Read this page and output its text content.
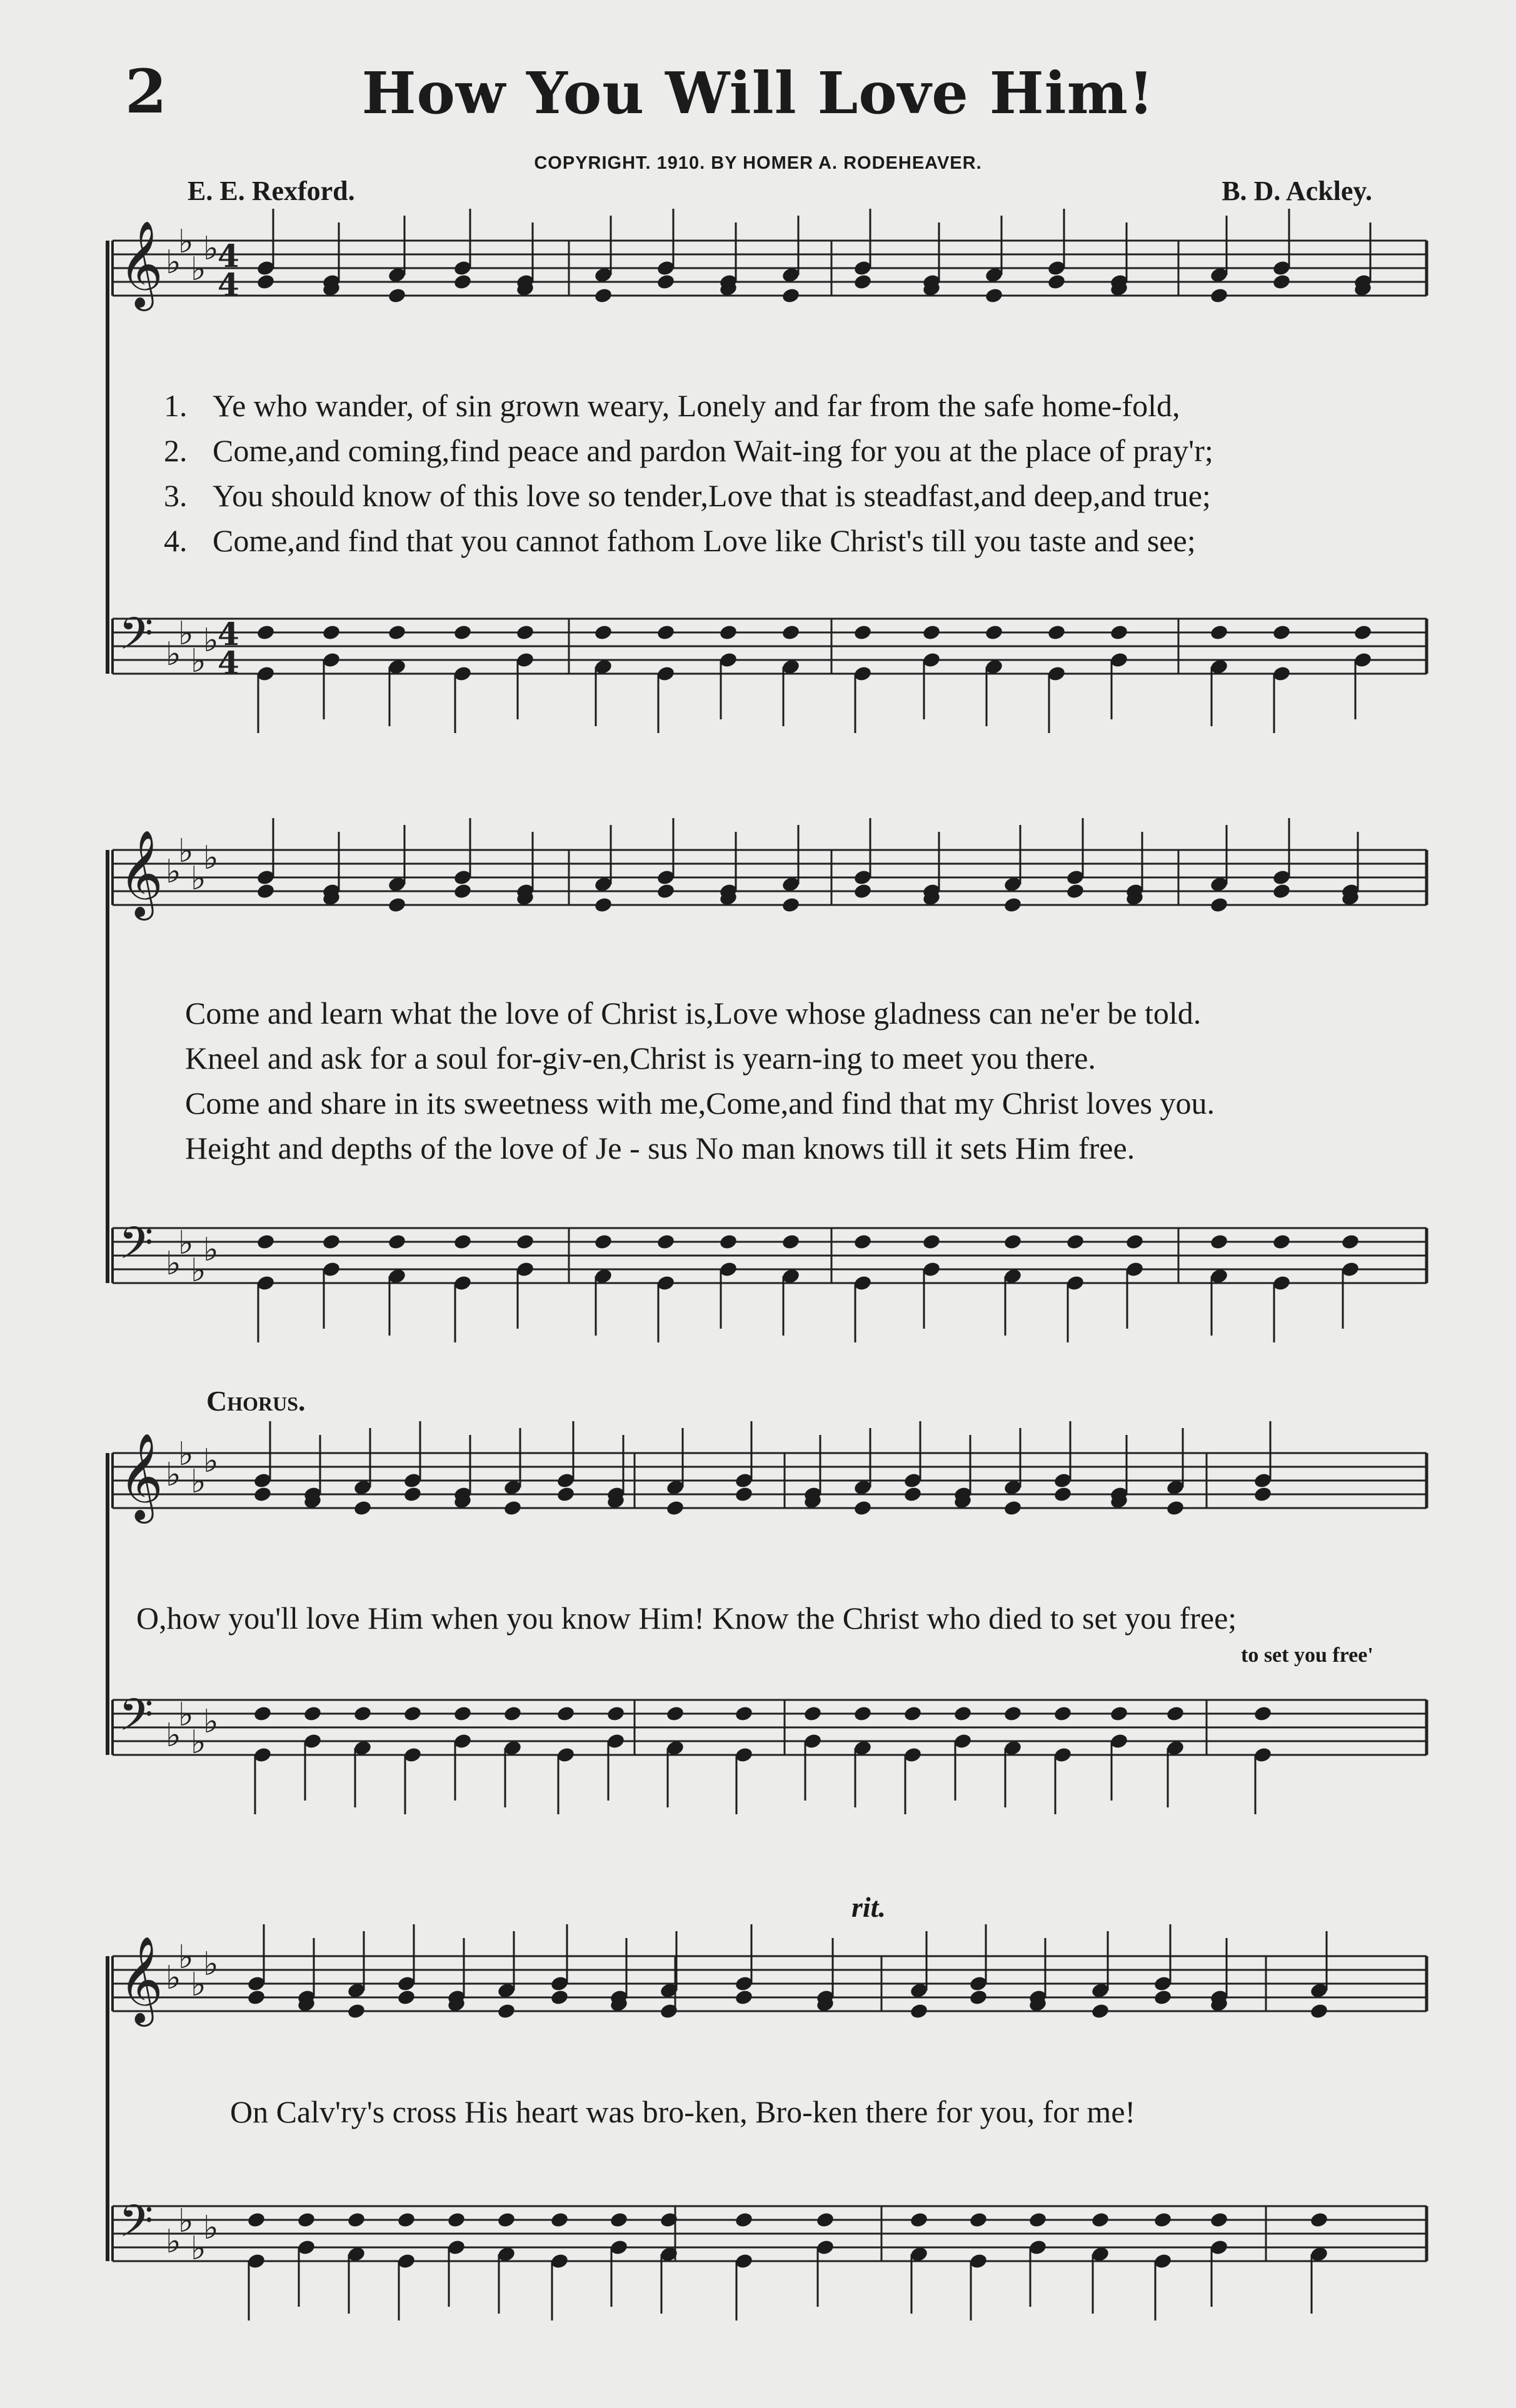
2	How You Will Love Him!
COPYRIGHT. 1910. BY HOMER A. RODEHEAVER.
E. E. Rexford.	B. D. Ackley.
𝄞 ♭
♭
♭
♭
𝄢 ♭
♭
♭
♭
𝄞 ♭
♭
♭
♭
𝄢 ♭
♭
♭
♭
𝄞 ♭
♭
♭
♭
𝄢 ♭
♭
♭
♭
𝄞 ♭
♭
♭
♭
𝄢 ♭
♭
♭
♭
4
4
4
4
1. Ye who wander, of sin grown weary, Lonely and far from the safe home-fold,
2. Come,and coming,find peace and pardon Wait-ing for you at the place of pray'r;
3. You should know of this love so tender,Love that is steadfast,and deep,and true;
4. Come,and find that you cannot fathom Love like Christ's till you taste and see;
Come and learn what the love of Christ is,Love whose gladness can ne'er be told.
Kneel and ask for a soul for-giv-en,Christ is yearn-ing to meet you there.
Come and share in its sweetness with me,Come,and find that my Christ loves you.
Height and depths of the love of Je - sus No man knows till it sets Him free.
Chorus.
O,how you'll love Him when you know Him! Know the Christ who died to set you free;
to set you free'
rit.
On Calv'ry's cross His heart was bro-ken, Bro-ken there for you, for me!
